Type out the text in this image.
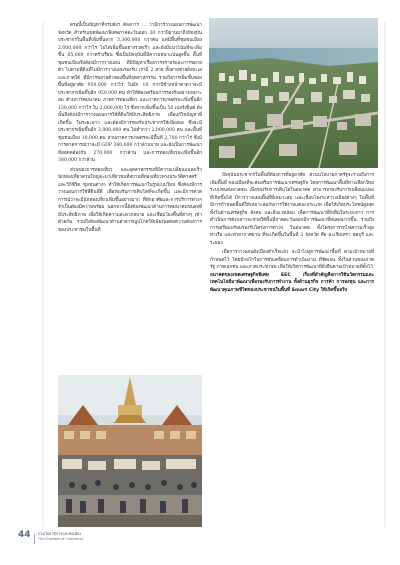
ดรอนี้เป็นปัญหาที่กรมผังฯ ต้องการ ... ว่ามีการวางแผนการพัฒนาจังหวัด สำหรับเขตพัฒนาพิเศษภาคตะวันออก 30 กว่าปีผ่านมาถึงปัจจุบันประชากรในพื้นที่เพิ่มขึ้นจาก 3,300,000 กว่าคน แต่มีพื้นที่ชุมชนเมือง 2,000,000 กว่าไร่ ไม่ได้เพิ่มขึ้นอย่างรวดเร็ว และยังมีแนวโน้มที่จะเพิ่มขึ้น 65,000 กว่าครัวเรือน ซึ่งเป็นปัจจุบันที่มีความหนาแน่นสูงขึ้น พื้นที่ชุมชนเมืองจึงต้องมีการวางแผน ที่มีปัญหาเรื่องการจราจรและการขยายตัว ไปตามที่ดินที่ไม่มีการวางแผนรองรับ เรามี 2 สาย ทั้งสายชายฝั่งทะเลและภาคใต้ ที่มีการขยายตัวของพื้นที่อุตสาหกรรม รวมถึงการเพิ่มขึ้นของพื้นที่อยู่อาศัย 950,000 กว่าไร่ ในอีก 10 กว่าปีข้างหน้าคาดว่าจะมีประชากรเพิ่มขึ้นอีก 950,000 คน ทำให้ต้องเตรียมการรองรับอย่างเหมาะสม ด้านการคมนาคม ภาคการท่องเที่ยว และภาคการเกษตรจะเพิ่มขึ้นอีก 130,000 กว่าไร่ ใน 2,000,000 ไร่ ซึ่งหากเพิ่มขึ้นเป็น 50 เปอร์เซ็นต์ ดังนั้นจึงต้องมีการวางแผนการใช้ที่ดินให้มีประสิทธิภาพ เพื่อแก้ไขปัญหาที่เกิดขึ้น ในระยะยาว และต้องมีการรองรับประชากรให้เพียงพอ ซึ่งจะมีประชากรเพิ่มขึ้นอีก 2,000,000 คน ไม่ต่ำกว่า 2,000,000 คน และพื้นที่ชุมชนเมือง 10,000 คน ส่วนภาคการเกษตรจะมีพื้นที่ 2,700 กว่าไร่ ซึ่งมีการคาดการณ์ว่าจะมี GDP 380,000 กว่าล้านบาท และยังเป็นการพัฒนาที่สอดคล้องกับ 270,000 กว่าล้าน และการท่องเที่ยวจะเพิ่มขึ้นอีก 380,000 กว่าล้าน

ส่วนของการท่องเที่ยว และอุตสาหกรรมที่มีความเปลี่ยนแปลงเร็ว นักท่องเที่ยวส่วนใหญ่จะมาเที่ยวชมที่สถานที่ท่องเที่ยวทางประวัติศาสตร์ และวิถีชีวิต ชุมชนต่างๆ ทำให้เกิดการพัฒนาในรูปแบบใหม่ ซึ่งต้องมีการวางแผนการใช้ที่ดินที่ดี เพื่อรองรับการเติบโตที่จะเกิดขึ้น และมีการคาดการณ์ว่าจะมีนักท่องเที่ยวเพิ่มขึ้นอย่างมาก ที่พักอาศัยและการบริการต่างๆ จำเป็นต้องมีความพร้อม นอกจากนี้ยังต้องพัฒนาด้านการคมนาคมขนส่งที่มีประสิทธิภาพ เพื่อให้เกิดความสะดวกสบาย และเชื่อมโยงพื้นที่ต่างๆ เข้าด้วยกัน รวมถึงต้องพัฒนาด้านสาธารณูปโภคให้เพียงพอต่อความต้องการของประชาชนในพื้นที่

ปัจจุบันประชากรในพื้นที่ต้องการที่อยู่อาศัย ส่วนนโยบายภาครัฐจะรวมถึงการเพิ่มพื้นที่ ของเมืองที่จะส่งเสริมการพัฒนาเศรษฐกิจ โดยการพัฒนาพื้นที่ทางเลือกใหม่ ระบบขนส่งมวลชน เพื่อรองรับการเติบโตในอนาคต สามารถรองรับการเปลี่ยนแปลงที่เกิดขึ้นได้ มีการวางแผนพื้นที่ที่เหมาะสม และเชื่อมโยงระหว่างเมืองต่างๆ ในพื้นที่ มีการกำหนดพื้นที่ให้เหมาะสมกับการใช้งานแต่ละประเภท เพื่อให้เกิดประโยชน์สูงสุด ทั้งในด้านเศรษฐกิจ สังคม และสิ่งแวดล้อม เพื่อการพัฒนาที่ยั่งยืนในระยะยาว การดำเนินการดังกล่าวจะช่วยให้พื้นที่ภาคตะวันออกมีการพัฒนาที่สมดุลมากขึ้น รวมถึงการเตรียมพร้อมรองรับโครงการต่างๆ ในอนาคต ทั้งโครงการรถไฟความเร็วสูง ท่าเรือ และท่าอากาศยาน ที่จะเกิดขึ้นในพื้นที่ 3 จังหวัด คือ ฉะเชิงเทรา ชลบุรี และระยอง

เมื่อการวางแผนผังเมืองสำเร็จแล้ว จะนำไปสู่การพัฒนาพื้นที่ ตามเป้าหมายที่กำหนดไว้ โดยมีกลไกในการขับเคลื่อนการดำเนินงาน ที่ชัดเจน ทั้งในส่วนของภาครัฐ ภาคเอกชน และภาคประชาชน เพื่อให้เกิดการพัฒนาที่ยั่งยืนตามเป้าหมายที่ตั้งไว้

อนาคตของเขตเศรษฐกิจพิเศษ EEC เรื่องที่สำคัญคือการใช้นวัตกรรมและเทคโนโลยีมาพัฒนาเพื่อรองรับการทำงาน ทั้งด้านธุรกิจ การค้า การลงทุน และการพัฒนาคุณภาพชีวิตของประชาชนในพื้นที่ Smart City ให้เกิดขึ้นจริง

44 กรมโยธาธิการและผังเมือง
The Chamber of Commerce
